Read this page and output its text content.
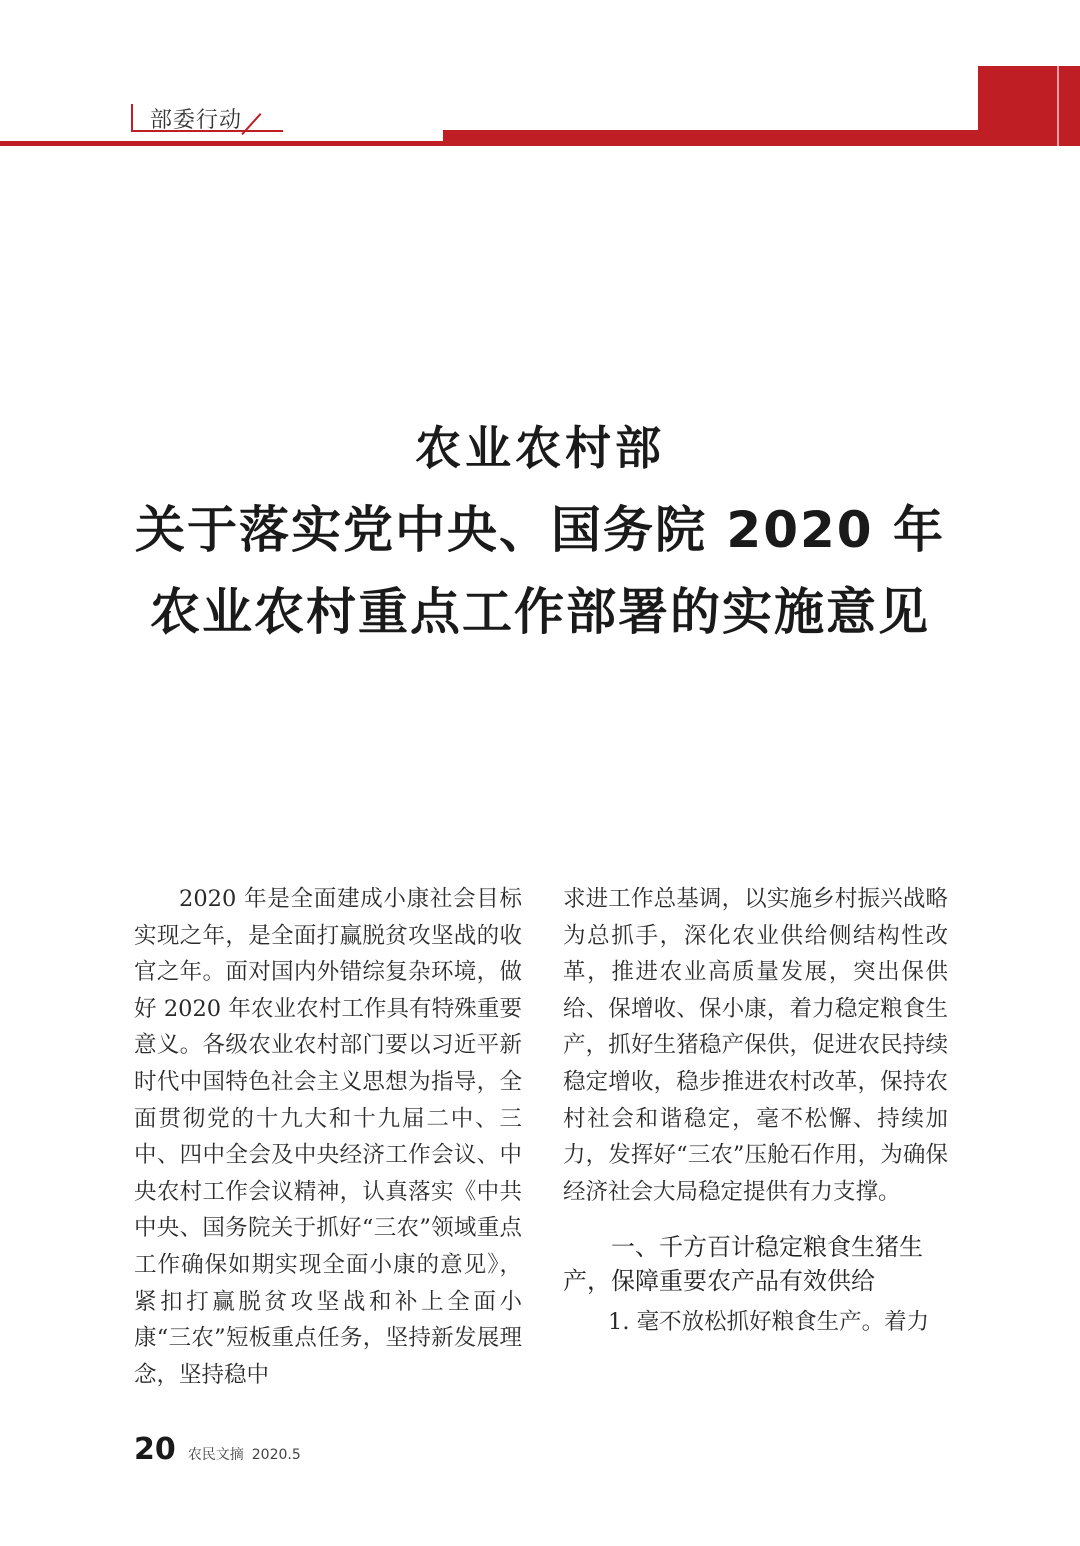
部委行动
农业农村部
关于落实党中央、国务院 2020 年
农业农村重点工作部署的实施意见

2020 年是全面建成小康社会目标实现之年，是全面打赢脱贫攻坚战的收官之年。面对国内外错综复杂环境，做好 2020 年农业农村工作具有特殊重要意义。各级农业农村部门要以习近平新时代中国特色社会主义思想为指导，全面贯彻党的十九大和十九届二中、三中、四中全会及中央经济工作会议、中央农村工作会议精神，认真落实《中共中央、国务院关于抓好“三农”领域重点工作确保如期实现全面小康的意见》，紧扣打赢脱贫攻坚战和补上全面小康“三农”短板重点任务，坚持新发展理念，坚持稳中

求进工作总基调，以实施乡村振兴战略为总抓手，深化农业供给侧结构性改革，推进农业高质量发展，突出保供给、保增收、保小康，着力稳定粮食生产，抓好生猪稳产保供，促进农民持续稳定增收，稳步推进农村改革，保持农村社会和谐稳定，毫不松懈、持续加力，发挥好“三农”压舱石作用，为确保经济社会大局稳定提供有力支撑。

一、千方百计稳定粮食生猪生产，保障重要农产品有效供给

1. 毫不放松抓好粮食生产。着力

20 农民文摘 2020.5
